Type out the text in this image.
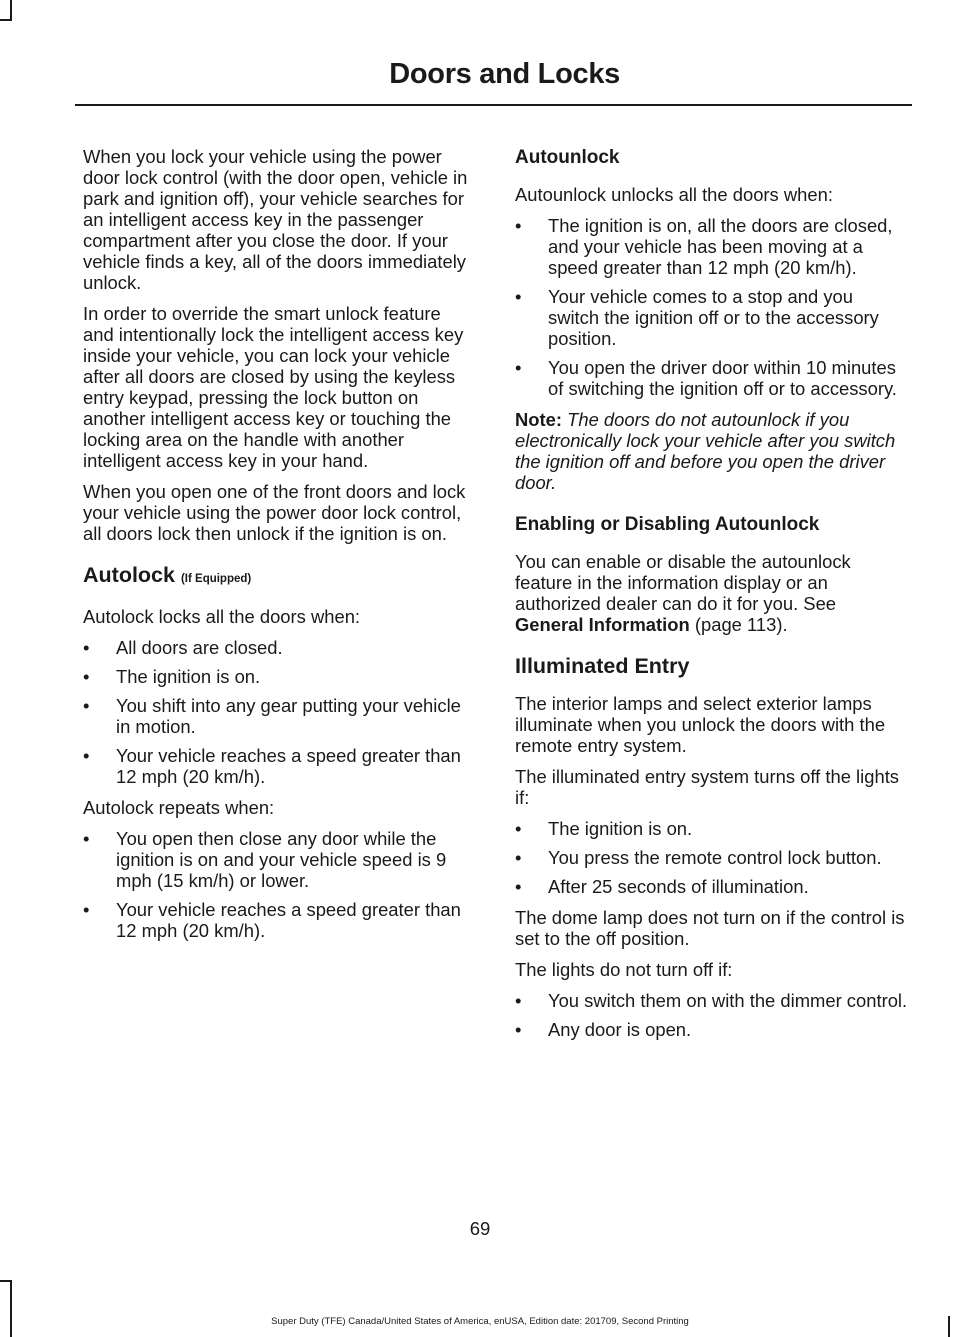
Doors and Locks

When you lock your vehicle using the power door lock control (with the door open, vehicle in park and ignition off), your vehicle searches for an intelligent access key in the passenger compartment after you close the door. If your vehicle finds a key, all of the doors immediately unlock.

In order to override the smart unlock feature and intentionally lock the intelligent access key inside your vehicle, you can lock your vehicle after all doors are closed by using the keyless entry keypad, pressing the lock button on another intelligent access key or touching the locking area on the handle with another intelligent access key in your hand.

When you open one of the front doors and lock your vehicle using the power door lock control, all doors lock then unlock if the ignition is on.

Autolock (If Equipped)

Autolock locks all the doors when:

• All doors are closed.
• The ignition is on.
• You shift into any gear putting your vehicle in motion.
• Your vehicle reaches a speed greater than 12 mph (20 km/h).

Autolock repeats when:

• You open then close any door while the ignition is on and your vehicle speed is 9 mph (15 km/h) or lower.
• Your vehicle reaches a speed greater than 12 mph (20 km/h).
Autounlock

Autounlock unlocks all the doors when:

• The ignition is on, all the doors are closed, and your vehicle has been moving at a speed greater than 12 mph (20 km/h).
• Your vehicle comes to a stop and you switch the ignition off or to the accessory position.
• You open the driver door within 10 minutes of switching the ignition off or to accessory.

Note: The doors do not autounlock if you electronically lock your vehicle after you switch the ignition off and before you open the driver door.

Enabling or Disabling Autounlock

You can enable or disable the autounlock feature in the information display or an authorized dealer can do it for you. See General Information (page 113).

Illuminated Entry

The interior lamps and select exterior lamps illuminate when you unlock the doors with the remote entry system.

The illuminated entry system turns off the lights if:

• The ignition is on.
• You press the remote control lock button.
• After 25 seconds of illumination.

The dome lamp does not turn on if the control is set to the off position.

The lights do not turn off if:

• You switch them on with the dimmer control.
• Any door is open.
69
Super Duty (TFE) Canada/United States of America, enUSA, Edition date: 201709, Second Printing
